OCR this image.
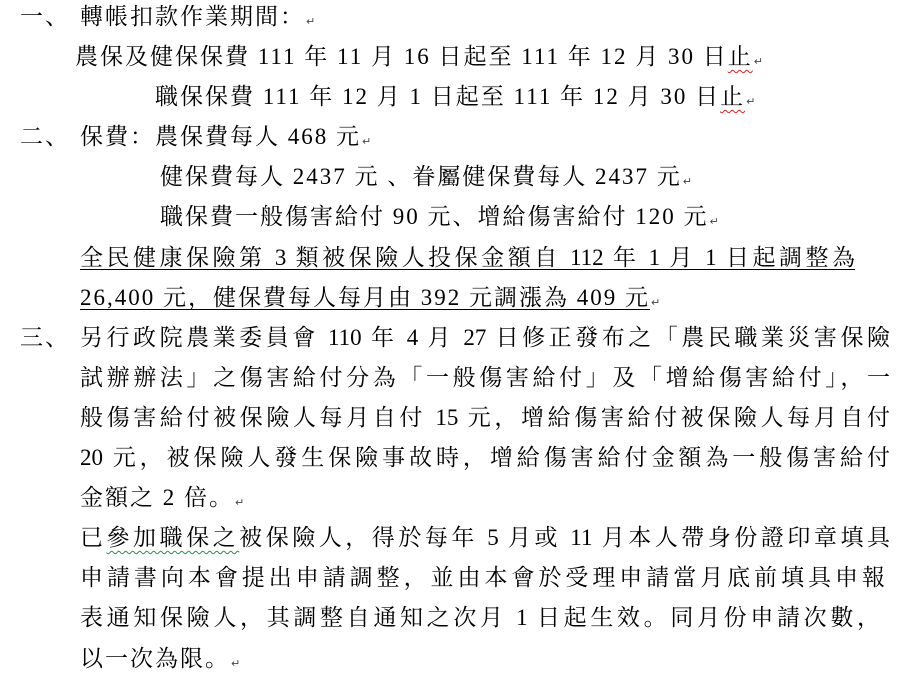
一、 轉帳扣款作業期間：↵
農保及健保保費 111 年 11 月 16 日起至 111 年 12 月 30 日止↵
職保保費 111 年 12 月 1 日起至 111 年 12 月 30 日止↵
二、 保費：農保費每人 468 元↵
健保費每人 2437 元 、眷屬健保費每人 2437 元↵
職保費一般傷害給付 90 元、增給傷害給付 120 元↵
全民健康保險第 3 類被保險人投保金額自 112 年 1 月 1 日起調整為
26,400 元，健保費每人每月由 392 元調漲為 409 元↵
三、 另行政院農業委員會 110 年 4 月 27 日修正發布之「農民職業災害保險
試辦辦法」之傷害給付分為「一般傷害給付」及「增給傷害給付」，一
般傷害給付被保險人每月自付 15 元，增給傷害給付被保險人每月自付
20 元，被保險人發生保險事故時，增給傷害給付金額為一般傷害給付
金額之 2 倍。↵
已參加職保之被保險人，得於每年 5 月或 11 月本人帶身份證印章填具
申請書向本會提出申請調整，並由本會於受理申請當月底前填具申報
表通知保險人，其調整自通知之次月 1 日起生效。同月份申請次數，
以一次為限。↵
